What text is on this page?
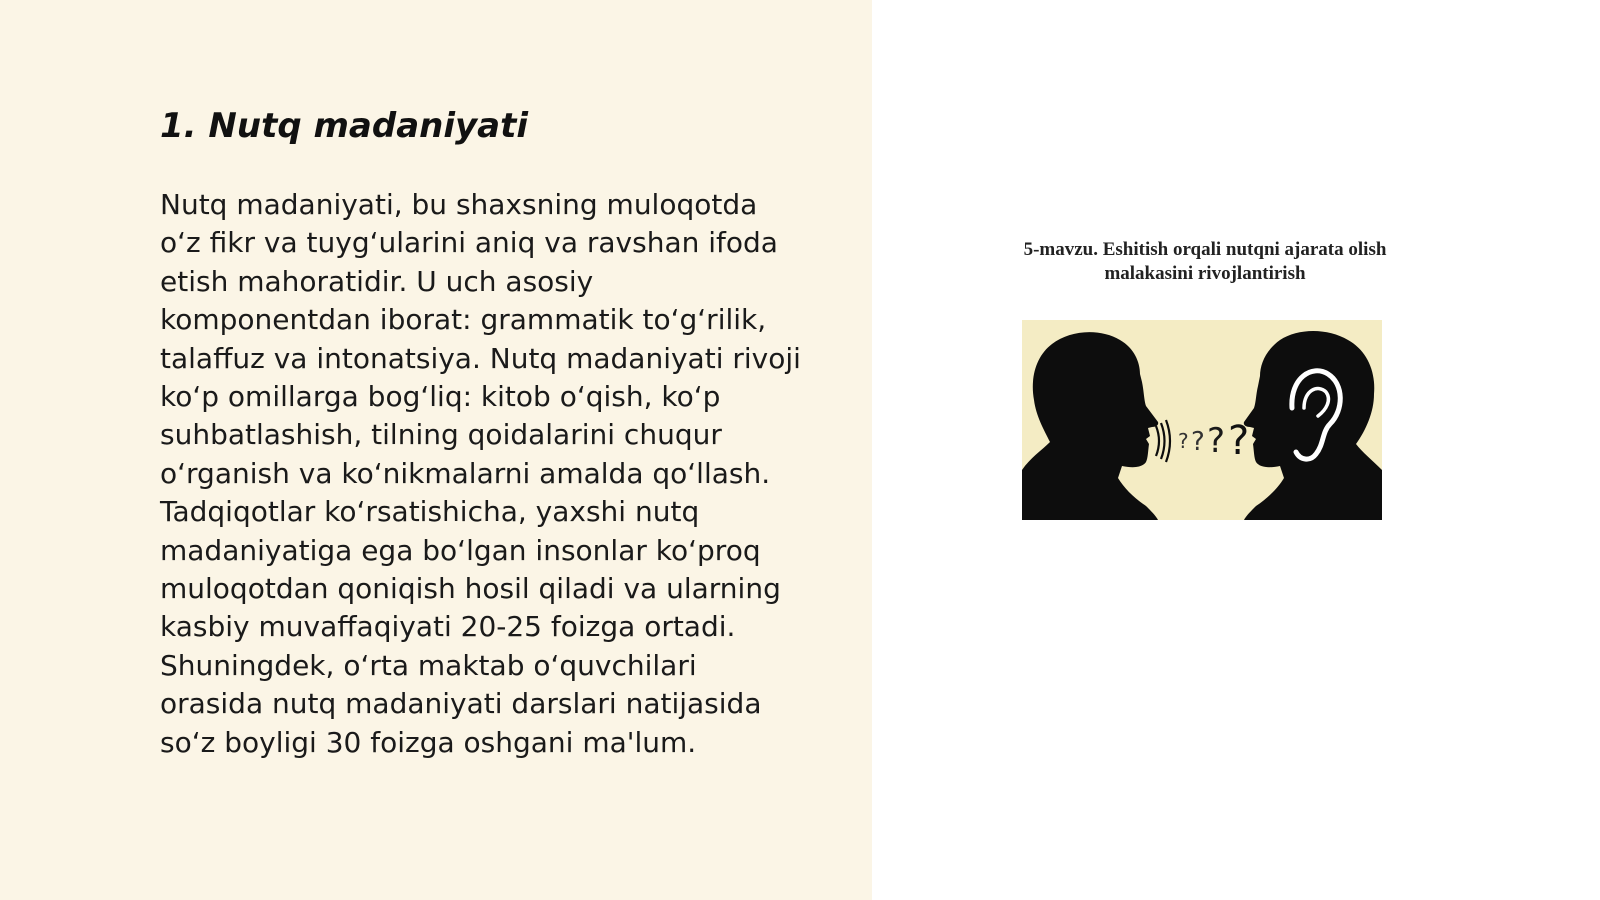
1. Nutq madaniyati

Nutq madaniyati, bu shaxsning muloqotda
o‘z fikr va tuyg‘ularini aniq va ravshan ifoda
etish mahoratidir. U uch asosiy
komponentdan iborat: grammatik to‘g‘rilik,
talaffuz va intonatsiya. Nutq madaniyati rivoji
ko‘p omillarga bog‘liq: kitob o‘qish, ko‘p
suhbatlashish, tilning qoidalarini chuqur
o‘rganish va ko‘nikmalarni amalda qo‘llash.
Tadqiqotlar ko‘rsatishicha, yaxshi nutq
madaniyatiga ega bo‘lgan insonlar ko‘proq
muloqotdan qoniqish hosil qiladi va ularning
kasbiy muvaffaqiyati 20-25 foizga ortadi.
Shuningdek, o‘rta maktab o‘quvchilari
orasida nutq madaniyati darslari natijasida
so‘z boyligi 30 foizga oshgani ma'lum.

5-mavzu. Eshitish orqali nutqni ajarata olish
malakasini rivojlantirish

? ? ? ?
